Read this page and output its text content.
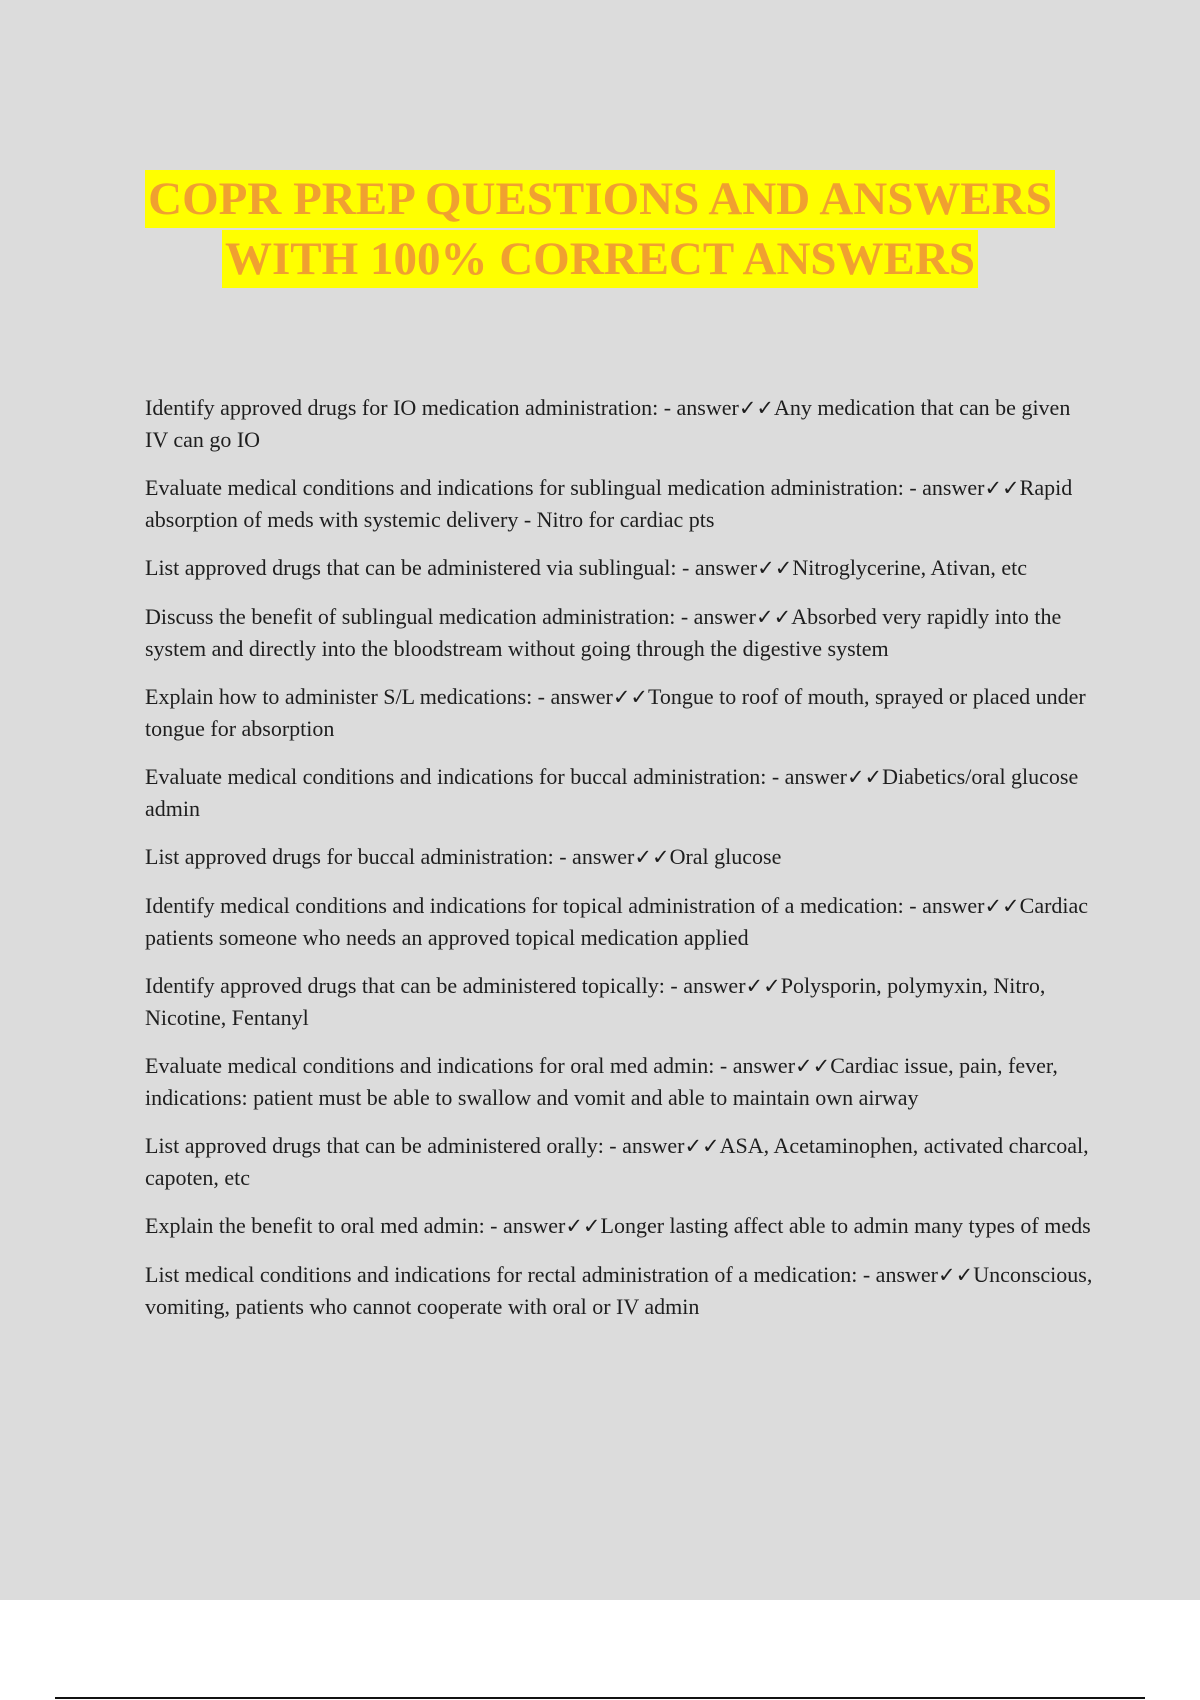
COPR PREP QUESTIONS AND ANSWERS
WITH 100% CORRECT ANSWERS
Identify approved drugs for IO medication administration: - answer✓✓Any medication that can be given IV can go IO
Evaluate medical conditions and indications for sublingual medication administration: - answer✓✓Rapid absorption of meds with systemic delivery - Nitro for cardiac pts
List approved drugs that can be administered via sublingual: - answer✓✓Nitroglycerine, Ativan, etc
Discuss the benefit of sublingual medication administration: - answer✓✓Absorbed very rapidly into the system and directly into the bloodstream without going through the digestive system
Explain how to administer S/L medications: - answer✓✓Tongue to roof of mouth, sprayed or placed under tongue for absorption
Evaluate medical conditions and indications for buccal administration: - answer✓✓Diabetics/oral glucose admin
List approved drugs for buccal administration: - answer✓✓Oral glucose
Identify medical conditions and indications for topical administration of a medication: - answer✓✓Cardiac patients someone who needs an approved topical medication applied
Identify approved drugs that can be administered topically: - answer✓✓Polysporin, polymyxin, Nitro, Nicotine, Fentanyl
Evaluate medical conditions and indications for oral med admin: - answer✓✓Cardiac issue, pain, fever, indications: patient must be able to swallow and vomit and able to maintain own airway
List approved drugs that can be administered orally: - answer✓✓ASA, Acetaminophen, activated charcoal, capoten, etc
Explain the benefit to oral med admin: - answer✓✓Longer lasting affect able to admin many types of meds
List medical conditions and indications for rectal administration of a medication: - answer✓✓Unconscious, vomiting, patients who cannot cooperate with oral or IV admin
